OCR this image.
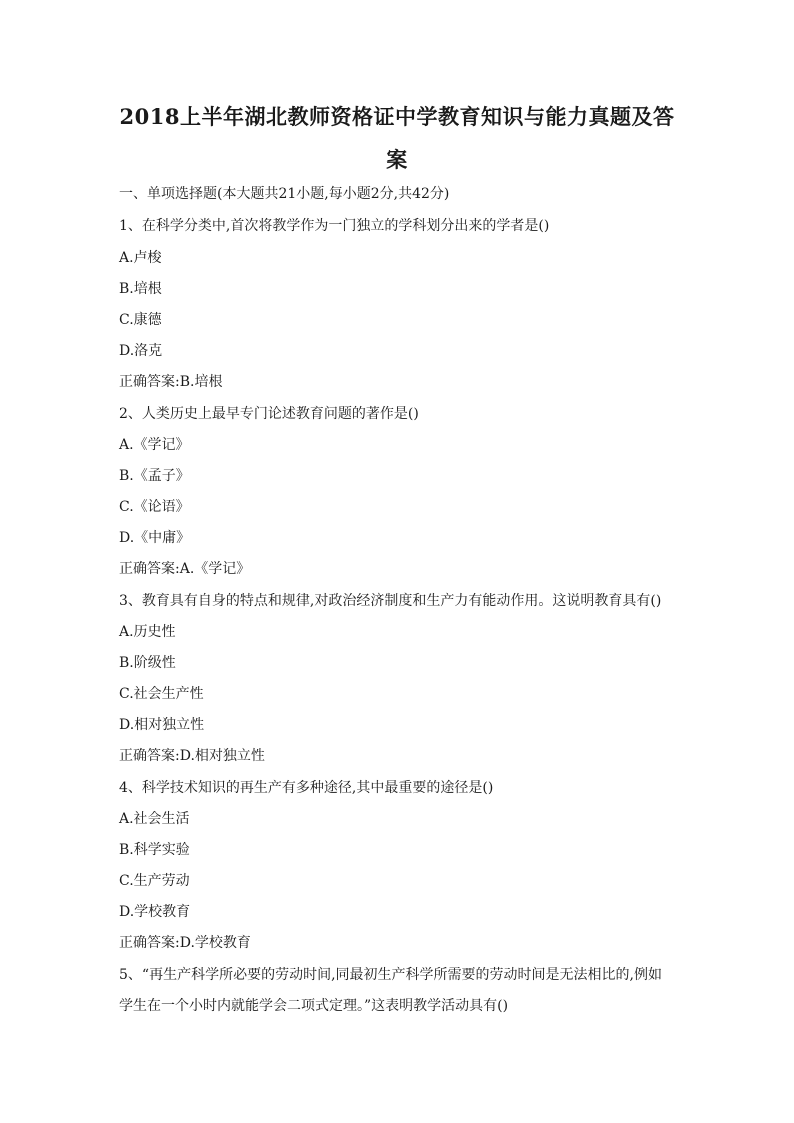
2018上半年湖北教师资格证中学教育知识与能力真题及答
案
一、单项选择题(本大题共21小题,每小题2分,共42分)
1、在科学分类中,首次将教学作为一门独立的学科划分出来的学者是()
A.卢梭
B.培根
C.康德
D.洛克
正确答案:B.培根
2、人类历史上最早专门论述教育问题的著作是()
A.《学记》
B.《孟子》
C.《论语》
D.《中庸》
正确答案:A.《学记》
3、教育具有自身的特点和规律,对政治经济制度和生产力有能动作用。这说明教育具有()
A.历史性
B.阶级性
C.社会生产性
D.相对独立性
正确答案:D.相对独立性
4、科学技术知识的再生产有多种途径,其中最重要的途径是()
A.社会生活
B.科学实验
C.生产劳动
D.学校教育
正确答案:D.学校教育
5、“再生产科学所必要的劳动时间,同最初生产科学所需要的劳动时间是无法相比的,例如
学生在一个小时内就能学会二项式定理。”这表明教学活动具有()
